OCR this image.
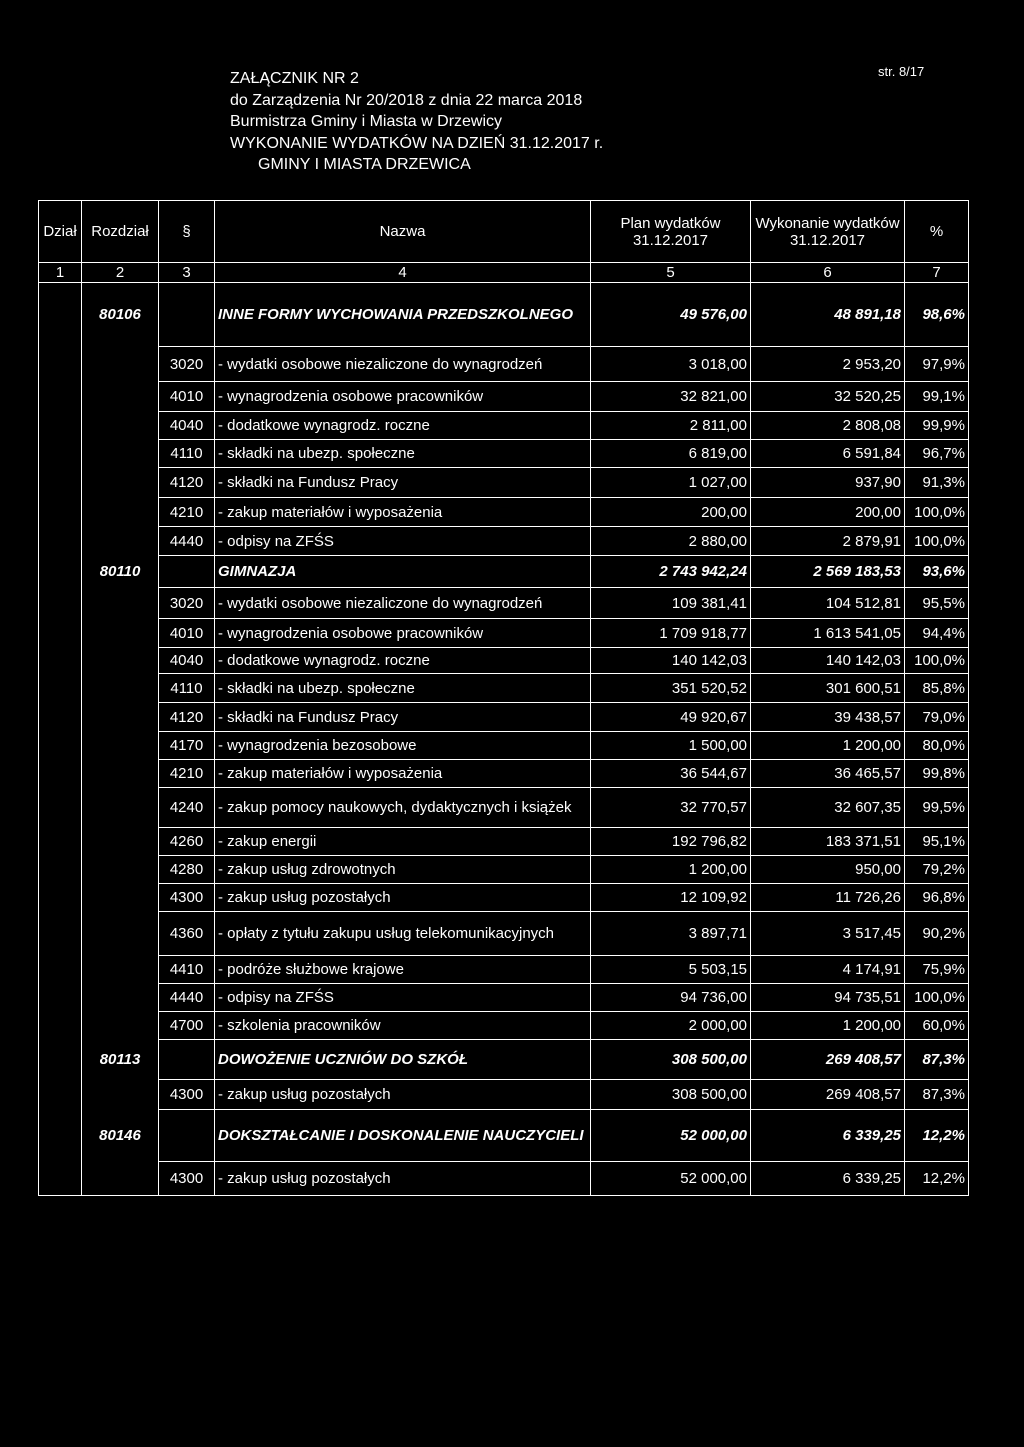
ZAŁĄCZNIK NR 2
do Zarządzenia Nr 20/2018 z dnia 22 marca 2018
Burmistrza Gminy i Miasta w Drzewicy
WYKONANIE WYDATKÓW NA DZIEŃ 31.12.2017 r.
GMINY I MIASTA DRZEWICA
str. 8/17
Dział	Rozdział	§	Nazwa	Plan wydatków 31.12.2017	Wykonanie wydatków 31.12.2017	%
1	2	3	4	5	6	7
	80106		INNE FORMY WYCHOWANIA PRZEDSZKOLNEGO	49 576,00	48 891,18	98,6%
		3020	- wydatki osobowe niezaliczone do wynagrodzeń	3 018,00	2 953,20	97,9%
		4010	- wynagrodzenia osobowe pracowników	32 821,00	32 520,25	99,1%
		4040	- dodatkowe wynagrodz. roczne	2 811,00	2 808,08	99,9%
		4110	- składki na ubezp. społeczne	6 819,00	6 591,84	96,7%
		4120	- składki na Fundusz Pracy	1 027,00	937,90	91,3%
		4210	- zakup materiałów i wyposażenia	200,00	200,00	100,0%
		4440	- odpisy na ZFŚS	2 880,00	2 879,91	100,0%
	80110		GIMNAZJA	2 743 942,24	2 569 183,53	93,6%
		3020	- wydatki osobowe niezaliczone do wynagrodzeń	109 381,41	104 512,81	95,5%
		4010	- wynagrodzenia osobowe pracowników	1 709 918,77	1 613 541,05	94,4%
		4040	- dodatkowe wynagrodz. roczne	140 142,03	140 142,03	100,0%
		4110	- składki na ubezp. społeczne	351 520,52	301 600,51	85,8%
		4120	- składki na Fundusz Pracy	49 920,67	39 438,57	79,0%
		4170	- wynagrodzenia bezosobowe	1 500,00	1 200,00	80,0%
		4210	- zakup materiałów i wyposażenia	36 544,67	36 465,57	99,8%
		4240	- zakup pomocy naukowych, dydaktycznych i książek	32 770,57	32 607,35	99,5%
		4260	- zakup energii	192 796,82	183 371,51	95,1%
		4280	- zakup usług zdrowotnych	1 200,00	950,00	79,2%
		4300	- zakup usług pozostałych	12 109,92	11 726,26	96,8%
		4360	- opłaty z tytułu zakupu usług telekomunikacyjnych	3 897,71	3 517,45	90,2%
		4410	- podróże służbowe krajowe	5 503,15	4 174,91	75,9%
		4440	- odpisy na ZFŚS	94 736,00	94 735,51	100,0%
		4700	- szkolenia pracowników	2 000,00	1 200,00	60,0%
	80113		DOWOŻENIE UCZNIÓW DO SZKÓŁ	308 500,00	269 408,57	87,3%
		4300	- zakup usług pozostałych	308 500,00	269 408,57	87,3%
	80146		DOKSZTAŁCANIE I DOSKONALENIE NAUCZYCIELI	52 000,00	6 339,25	12,2%
		4300	- zakup usług pozostałych	52 000,00	6 339,25	12,2%
